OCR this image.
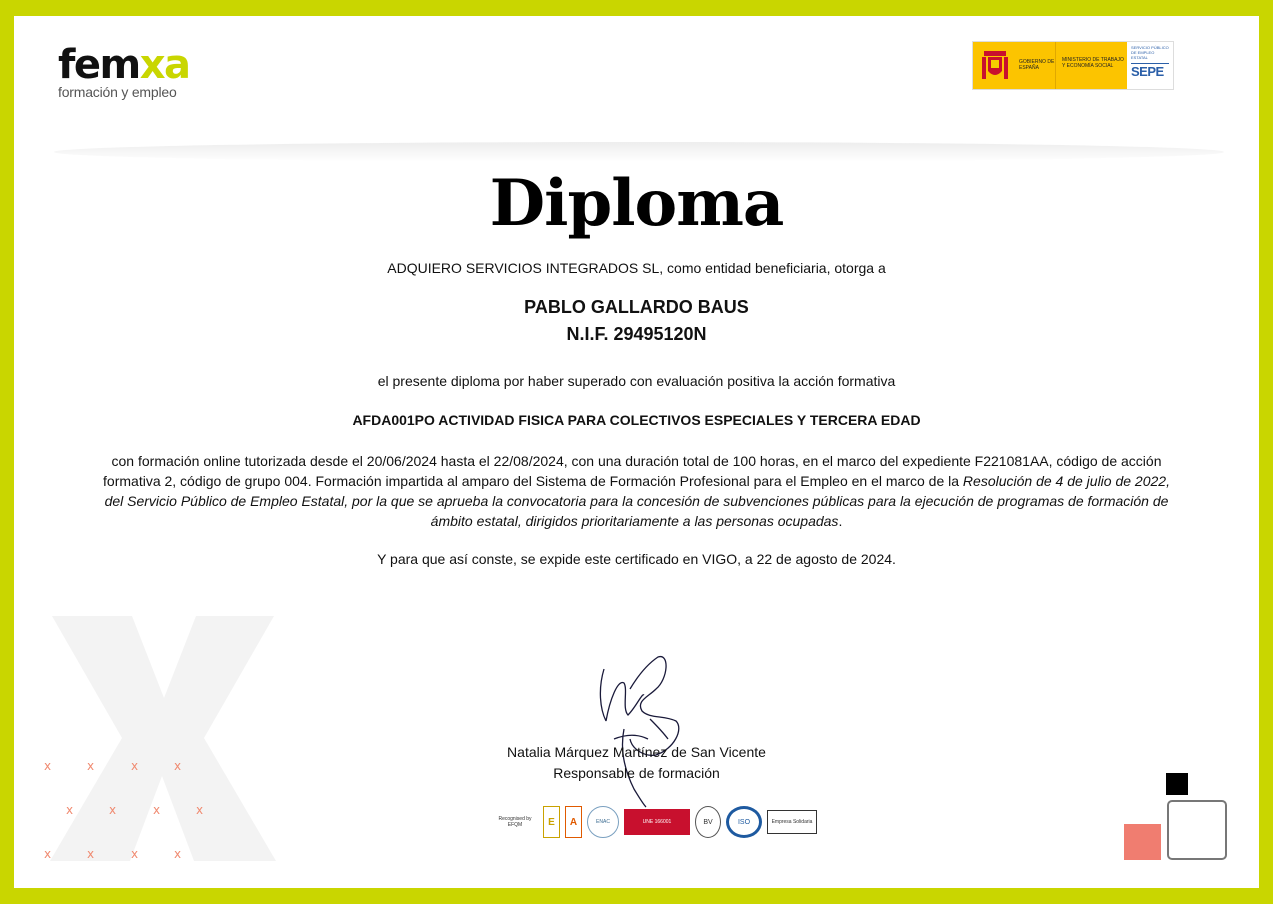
femxa
formación y empleo
GOBIERNO DE ESPAÑA
MINISTERIO DE TRABAJO Y ECONOMÍA SOCIAL
SERVICIO PÚBLICO DE EMPLEO ESTATAL
SEPE
Diploma
ADQUIERO SERVICIOS INTEGRADOS SL, como entidad beneficiaria, otorga a
PABLO GALLARDO BAUS
N.I.F. 29495120N
el presente diploma por haber superado con evaluación positiva la acción formativa
AFDA001PO ACTIVIDAD FISICA PARA COLECTIVOS ESPECIALES Y TERCERA EDAD
con formación online tutorizada desde el 20/06/2024 hasta el 22/08/2024, con una duración total de 100 horas, en el marco del expediente F221081AA, código de acción formativa 2, código de grupo 004. Formación impartida al amparo del Sistema de Formación Profesional para el Empleo en el marco de la Resolución de 4 de julio de 2022, del Servicio Público de Empleo Estatal, por la que se aprueba la convocatoria para la concesión de subvenciones públicas para la ejecución de programas de formación de ámbito estatal, dirigidos prioritariamente a las personas ocupadas.
Y para que así conste, se expide este certificado en VIGO, a 22 de agosto de 2024.
x	x	x	x
x	x	x	x
x	x	x	x
Natalia Márquez Martínez de San Vicente
Responsable de formación
Recognised by EFQM	E	A	ENAC	UNE 166001	BV	ISO	Empresa Solidaria
